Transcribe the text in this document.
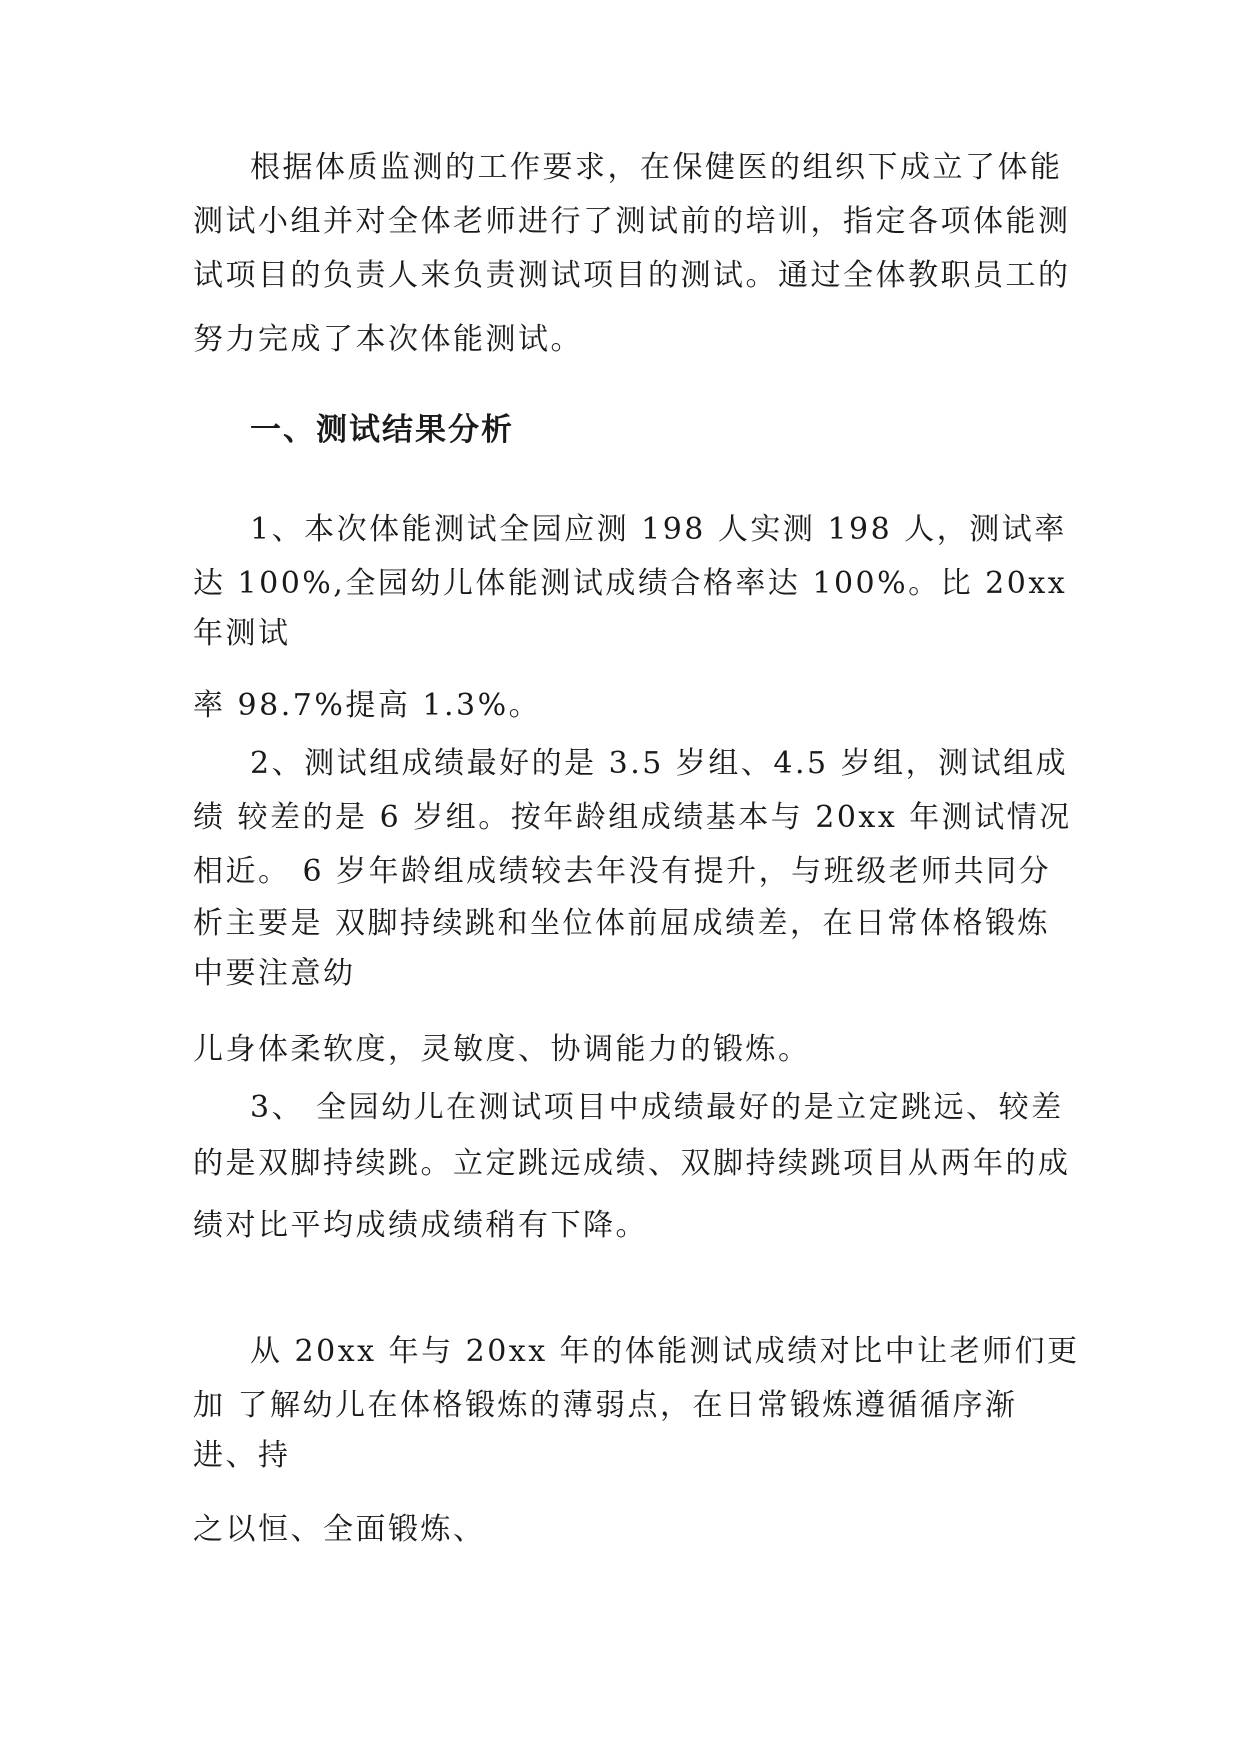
根据体质监测的工作要求，在保健医的组织下成立了体能
测试小组并对全体老师进行了测试前的培训，指定各项体能测
试项目的负责人来负责测试项目的测试。通过全体教职员工的
努力完成了本次体能测试。
一、测试结果分析
1、本次体能测试全园应测 198 人实测 198 人，测试率
达 100%,全园幼儿体能测试成绩合格率达 100%。比 20xx
年测试
率 98.7%提高 1.3%。
2、测试组成绩最好的是 3.5 岁组、4.5 岁组，测试组成
绩 较差的是 6 岁组。按年龄组成绩基本与 20xx 年测试情况
相近。 6 岁年龄组成绩较去年没有提升，与班级老师共同分
析主要是 双脚持续跳和坐位体前屈成绩差，在日常体格锻炼
中要注意幼
儿身体柔软度，灵敏度、协调能力的锻炼。
3、 全园幼儿在测试项目中成绩最好的是立定跳远、较差
的是双脚持续跳。立定跳远成绩、双脚持续跳项目从两年的成
绩对比平均成绩成绩稍有下降。
从 20xx 年与 20xx 年的体能测试成绩对比中让老师们更
加 了解幼儿在体格锻炼的薄弱点，在日常锻炼遵循循序渐
进、持
之以恒、全面锻炼、
